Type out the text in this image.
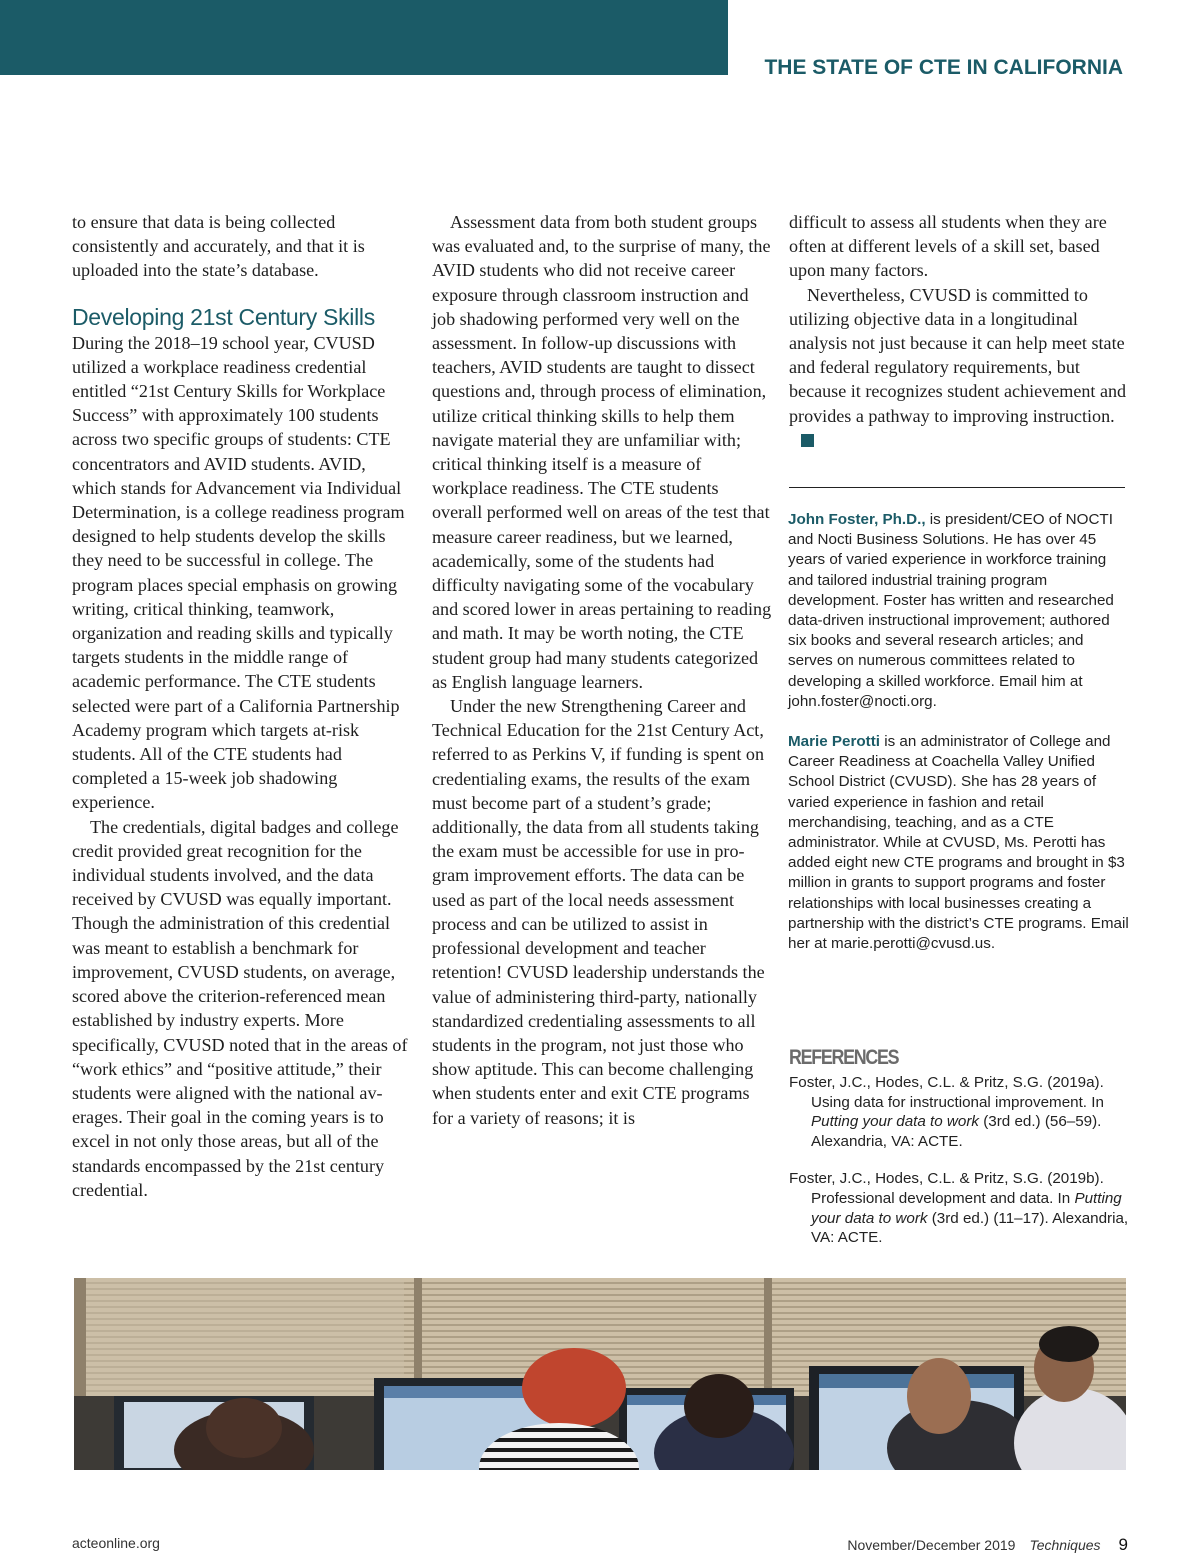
THE STATE OF CTE IN CALIFORNIA

to ensure that data is being collected consistently and accurately, and that it is uploaded into the state’s database.

Developing 21st Century Skills

During the 2018–19 school year, CVUSD utilized a workplace readiness credential entitled “21st Century Skills for Workplace Success” with approximately 100 students across two specific groups of students: CTE concentrators and AVID students. AVID, which stands for Advancement via Individual Determination, is a college readiness program designed to help students develop the skills they need to be successful in college. The program places special emphasis on growing writing, critical thinking, teamwork, organization and reading skills and typically targets students in the middle range of academic performance. The CTE students selected were part of a California Partnership Academy program which targets at-risk students. All of the CTE students had completed a 15-week job shadowing experience.

The credentials, digital badges and college credit provided great recognition for the individual students involved, and the data received by CVUSD was equally important. Though the administration of this credential was meant to establish a benchmark for improvement, CVUSD students, on average, scored above the criterion-referenced mean established by industry experts. More specifically, CVUSD noted that in the areas of “work ethics” and “positive attitude,” their students were aligned with the national averages. Their goal in the coming years is to excel in not only those areas, but all of the standards encompassed by the 21st century credential.

Assessment data from both student groups was evaluated and, to the surprise of many, the AVID students who did not receive career exposure through classroom instruction and job shadowing performed very well on the assessment. In follow-up discussions with teachers, AVID students are taught to dissect questions and, through process of elimination, utilize critical thinking skills to help them navigate material they are unfamiliar with; critical thinking itself is a measure of workplace readiness. The CTE students overall performed well on areas of the test that measure career readiness, but we learned, academically, some of the students had difficulty navigating some of the vocabulary and scored lower in areas pertaining to reading and math. It may be worth noting, the CTE student group had many students categorized as English language learners.

Under the new Strengthening Career and Technical Education for the 21st Century Act, referred to as Perkins V, if funding is spent on credentialing exams, the results of the exam must become part of a student’s grade; additionally, the data from all students taking the exam must be accessible for use in program improvement efforts. The data can be used as part of the local needs assessment process and can be utilized to assist in professional development and teacher retention! CVUSD leadership understands the value of administering third-party, nationally standardized credentialing assessments to all students in the program, not just those who show aptitude. This can become challenging when students enter and exit CTE programs for a variety of reasons; it is

difficult to assess all students when they are often at different levels of a skill set, based upon many factors.

Nevertheless, CVUSD is committed to utilizing objective data in a longitudinal analysis not just because it can help meet state and federal regulatory requirements, but because it recognizes student achievement and provides a pathway to improving instruction.

John Foster, Ph.D., is president/CEO of NOCTI and Nocti Business Solutions. He has over 45 years of varied experience in workforce training and tailored industrial training program development. Foster has written and researched data-driven instructional improvement; authored six books and several research articles; and serves on numerous committees related to developing a skilled workforce. Email him at john.foster@nocti.org.

Marie Perotti is an administrator of College and Career Readiness at Coachella Valley Unified School District (CVUSD). She has 28 years of varied experience in fashion and retail merchandising, teaching, and as a CTE administrator. While at CVUSD, Ms. Perotti has added eight new CTE programs and brought in $3 million in grants to support programs and foster relationships with local businesses creating a partnership with the district’s CTE programs. Email her at marie.perotti@cvusd.us.

REFERENCES
Foster, J.C., Hodes, C.L. & Pritz, S.G. (2019a). Using data for instructional improvement. In Putting your data to work (3rd ed.) (56–59). Alexandria, VA: ACTE.
Foster, J.C., Hodes, C.L. & Pritz, S.G. (2019b). Professional development and data. In Putting your data to work (3rd ed.) (11–17). Alexandria, VA: ACTE.
acteonline.org	November/December 2019 Techniques 9
